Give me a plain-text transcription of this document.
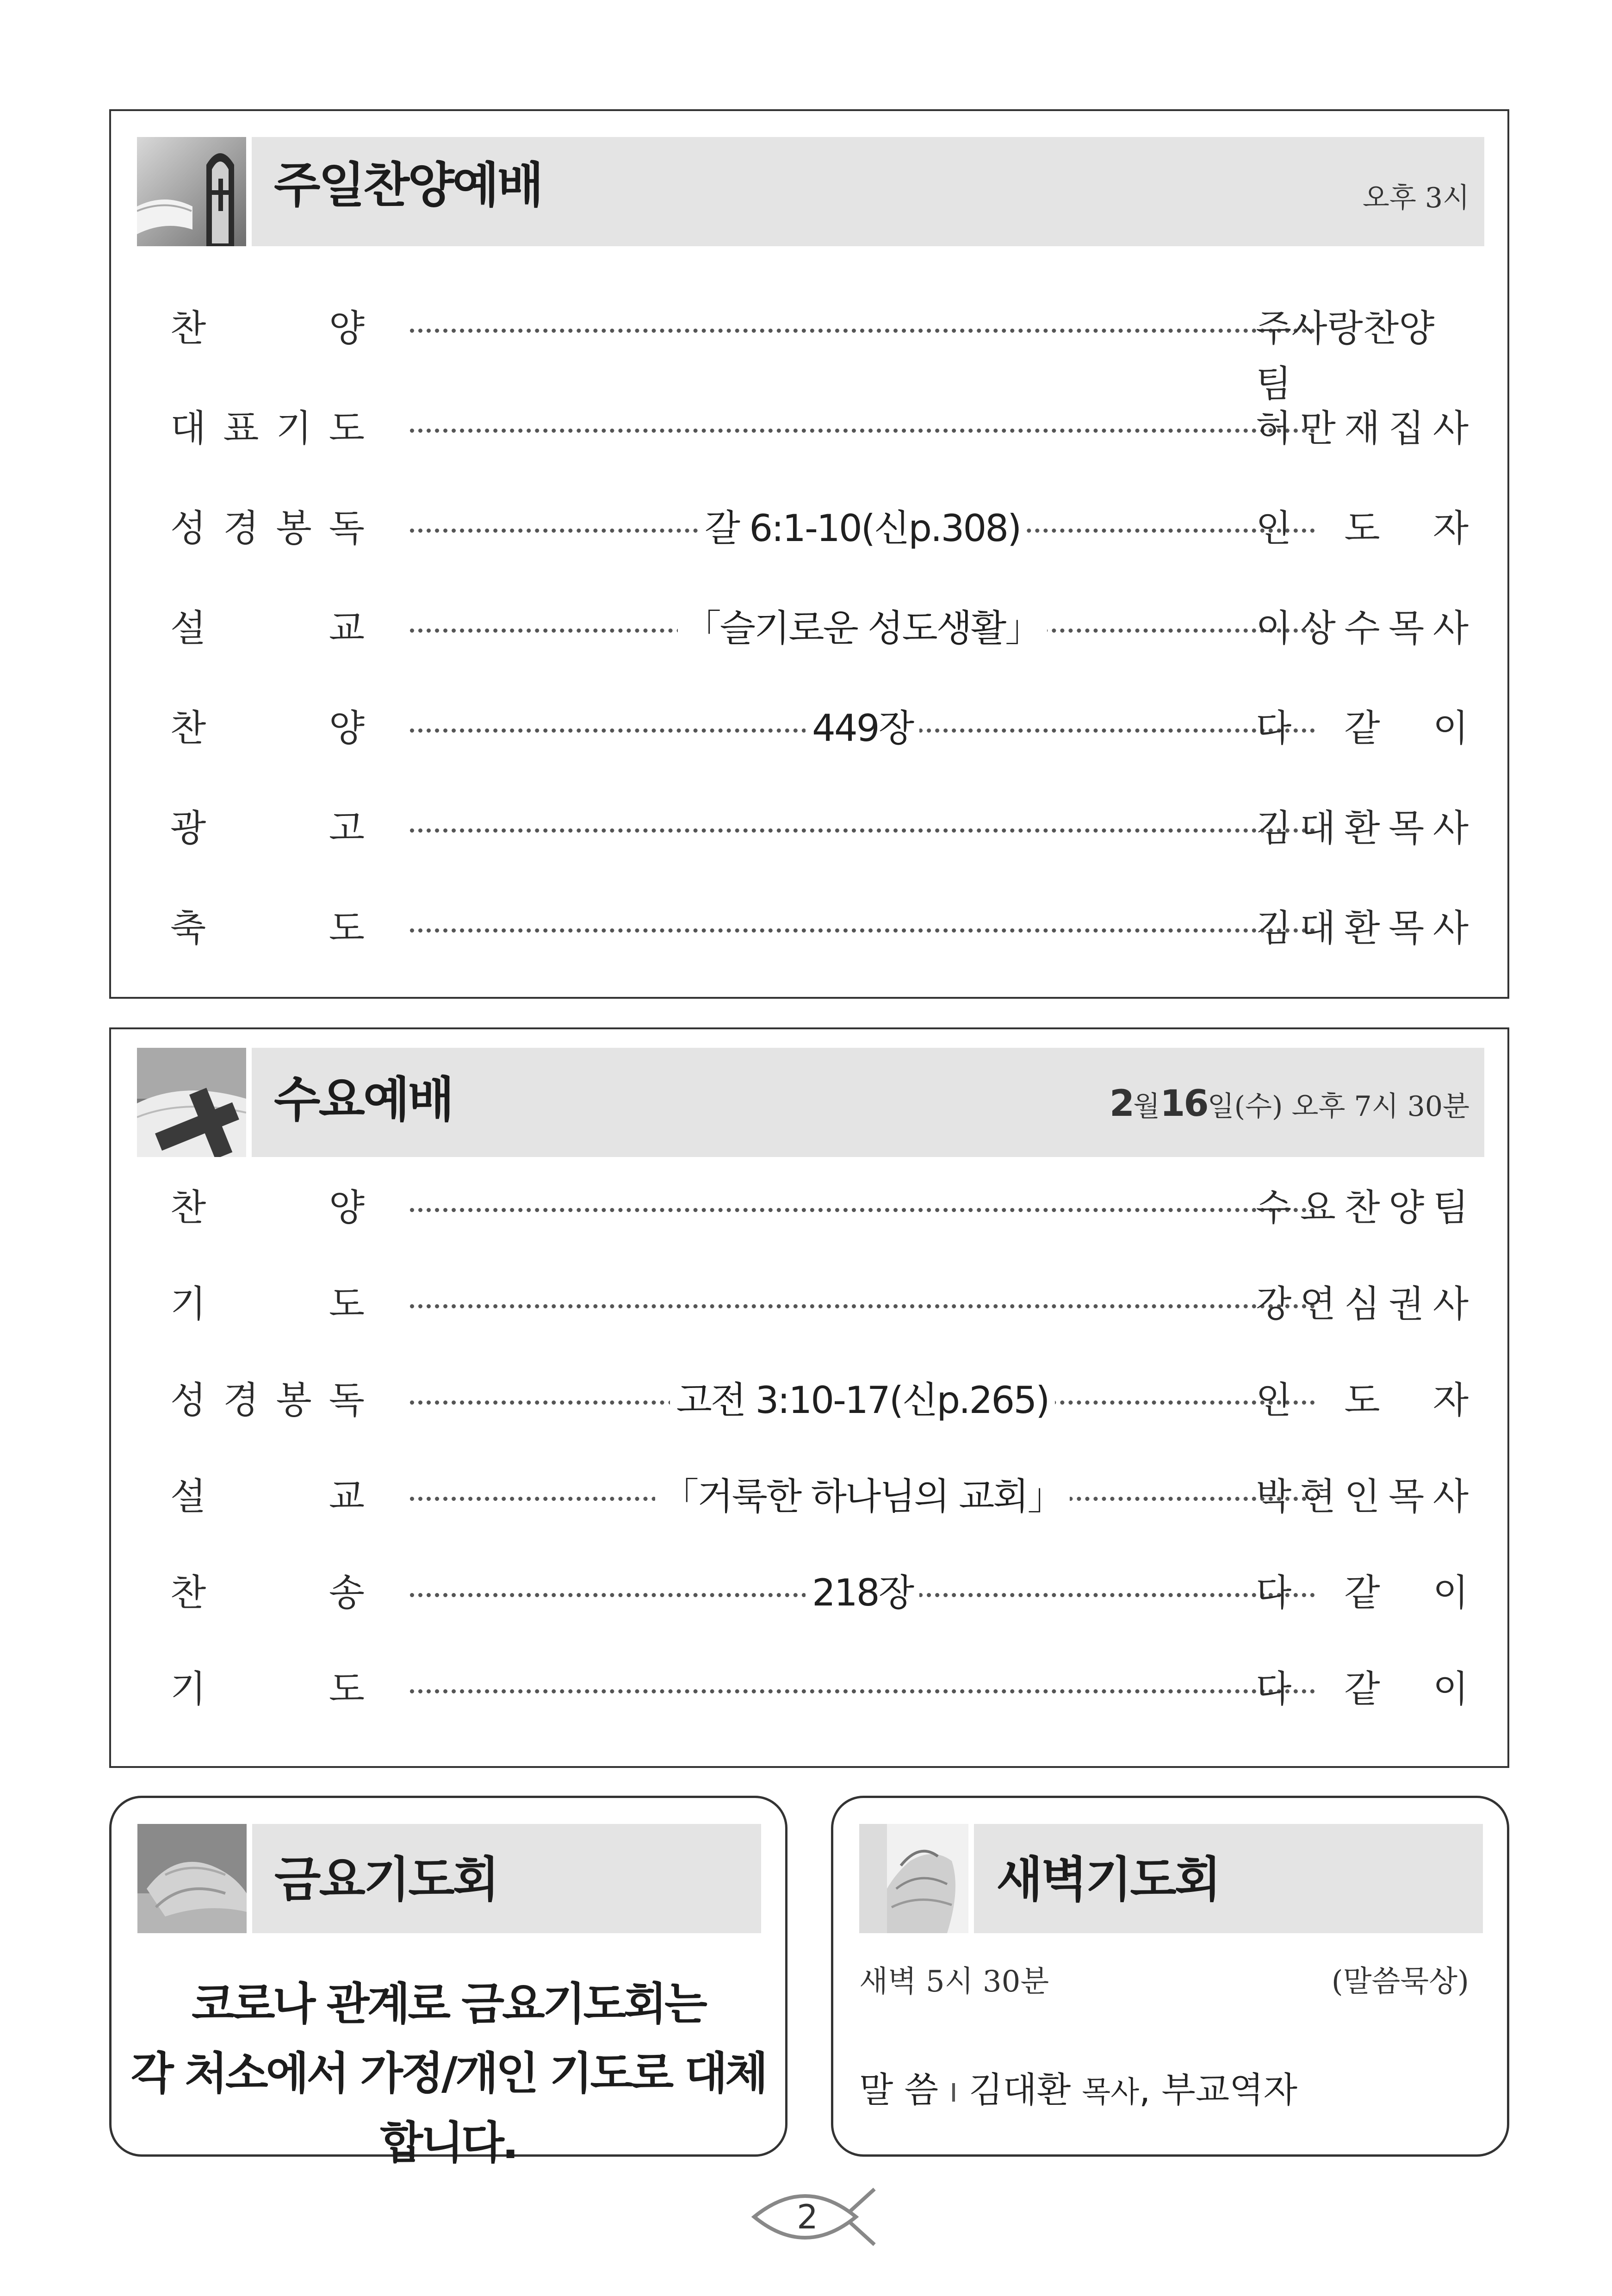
주일찬양예배	오후 3시
찬	양	주사랑찬양팀
대 표 기 도	허 만 재 집 사
성 경 봉 독	갈 6:1-10(신p.308)	인 도 자
설	교	「슬기로운 성도생활」	이 상 수 목 사
찬	양	449장	다 같 이
광	고	김 대 환 목 사
축	도	김 대 환 목 사
수요예배	2월16일(수) 오후 7시 30분
찬	양	수 요 찬 양 팀
기	도	강 연 심 권 사
성 경 봉 독	고전 3:10-17(신p.265)	인 도 자
설	교	「거룩한 하나님의 교회」	박 현 인 목 사
찬	송	218장	다 같 이
기	도	다 같 이
금요기도회
코로나 관계로 금요기도회는
각 처소에서 가정/개인 기도로 대체합니다.
새벽기도회
새벽 5시 30분	(말씀묵상)
말 씀 김대환 목사, 부교역자
2
